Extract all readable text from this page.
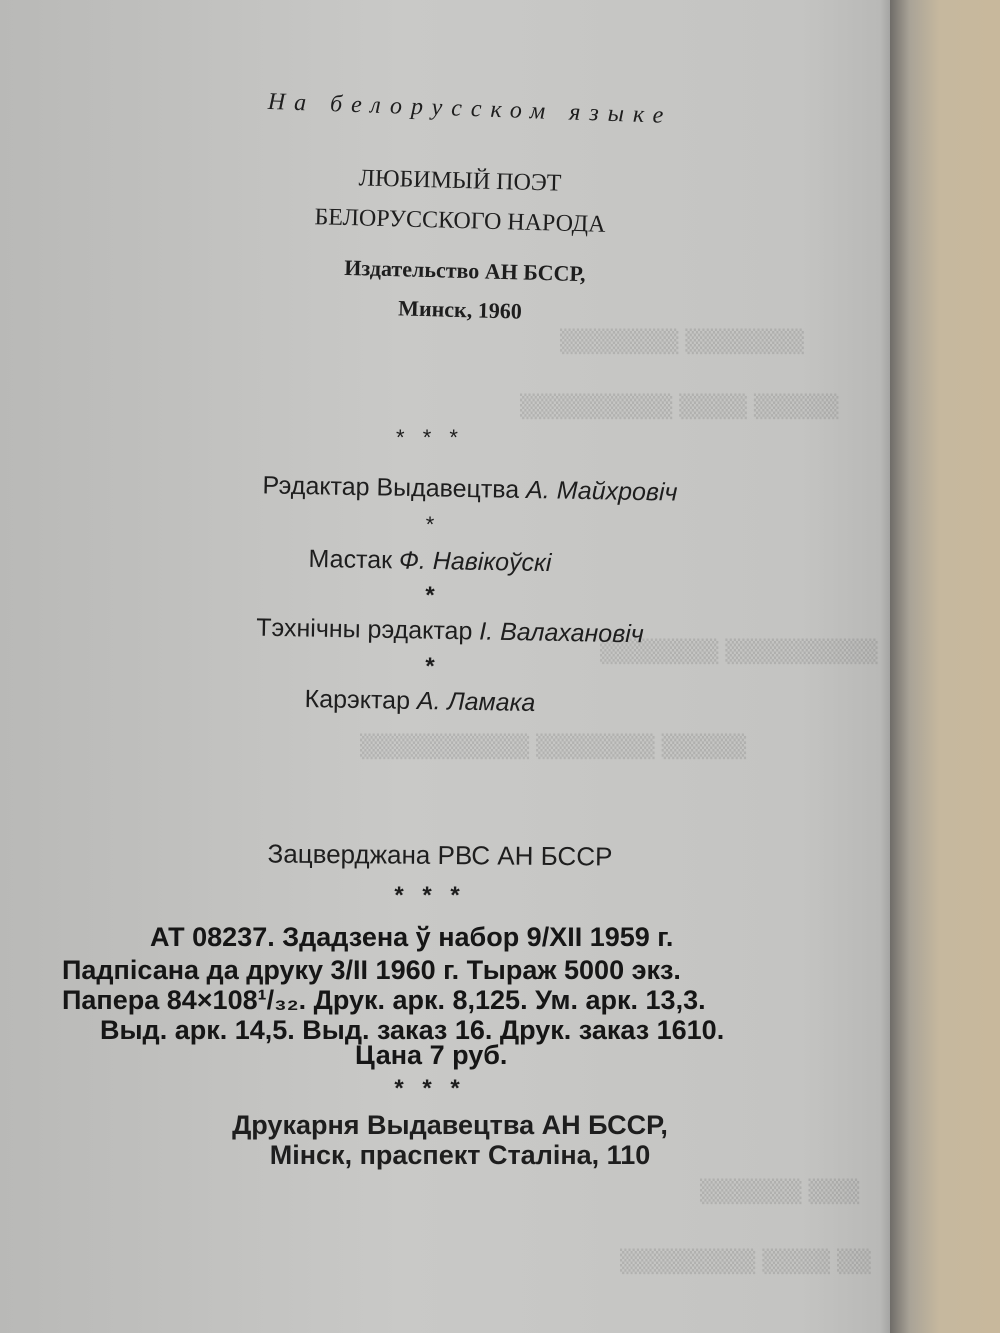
▒▒▒▒▒▒▒ ▒▒▒▒▒▒▒
▒▒▒▒▒▒▒▒▒ ▒▒▒▒ ▒▒▒▒▒
▒▒▒▒▒▒▒ ▒▒▒▒▒▒▒▒▒
▒▒▒▒▒▒▒▒▒▒ ▒▒▒▒▒▒▒ ▒▒▒▒▒
▒▒▒▒▒▒ ▒▒▒
▒▒▒▒▒▒▒▒ ▒▒▒▒ ▒▒
На белорусском языке
ЛЮБИМЫЙ ПОЭТ
БЕЛОРУССКОГО НАРОДА
Издательство АН БССР,
Минск, 1960
* * *
Рэдактар Выдавецтва А. Майхровіч
*
Мастак Ф. Навікоўскі
*
Тэхнічны рэдактар І. Валахановіч
*
Карэктар А. Ламака
Зацверджана РВС АН БССР
* * *
АТ 08237. Здадзена ў набор 9/XII 1959 г.
Падпісана да друку 3/II 1960 г. Тыраж 5000 экз.
Папера 84×108¹/₃₂. Друк. арк. 8,125. Ум. арк. 13,3.
Выд. арк. 14,5. Выд. заказ 16. Друк. заказ 1610.
Цана 7 руб.
* * *
Друкарня Выдавецтва АН БССР,
Мінск, праспект Сталіна, 110
